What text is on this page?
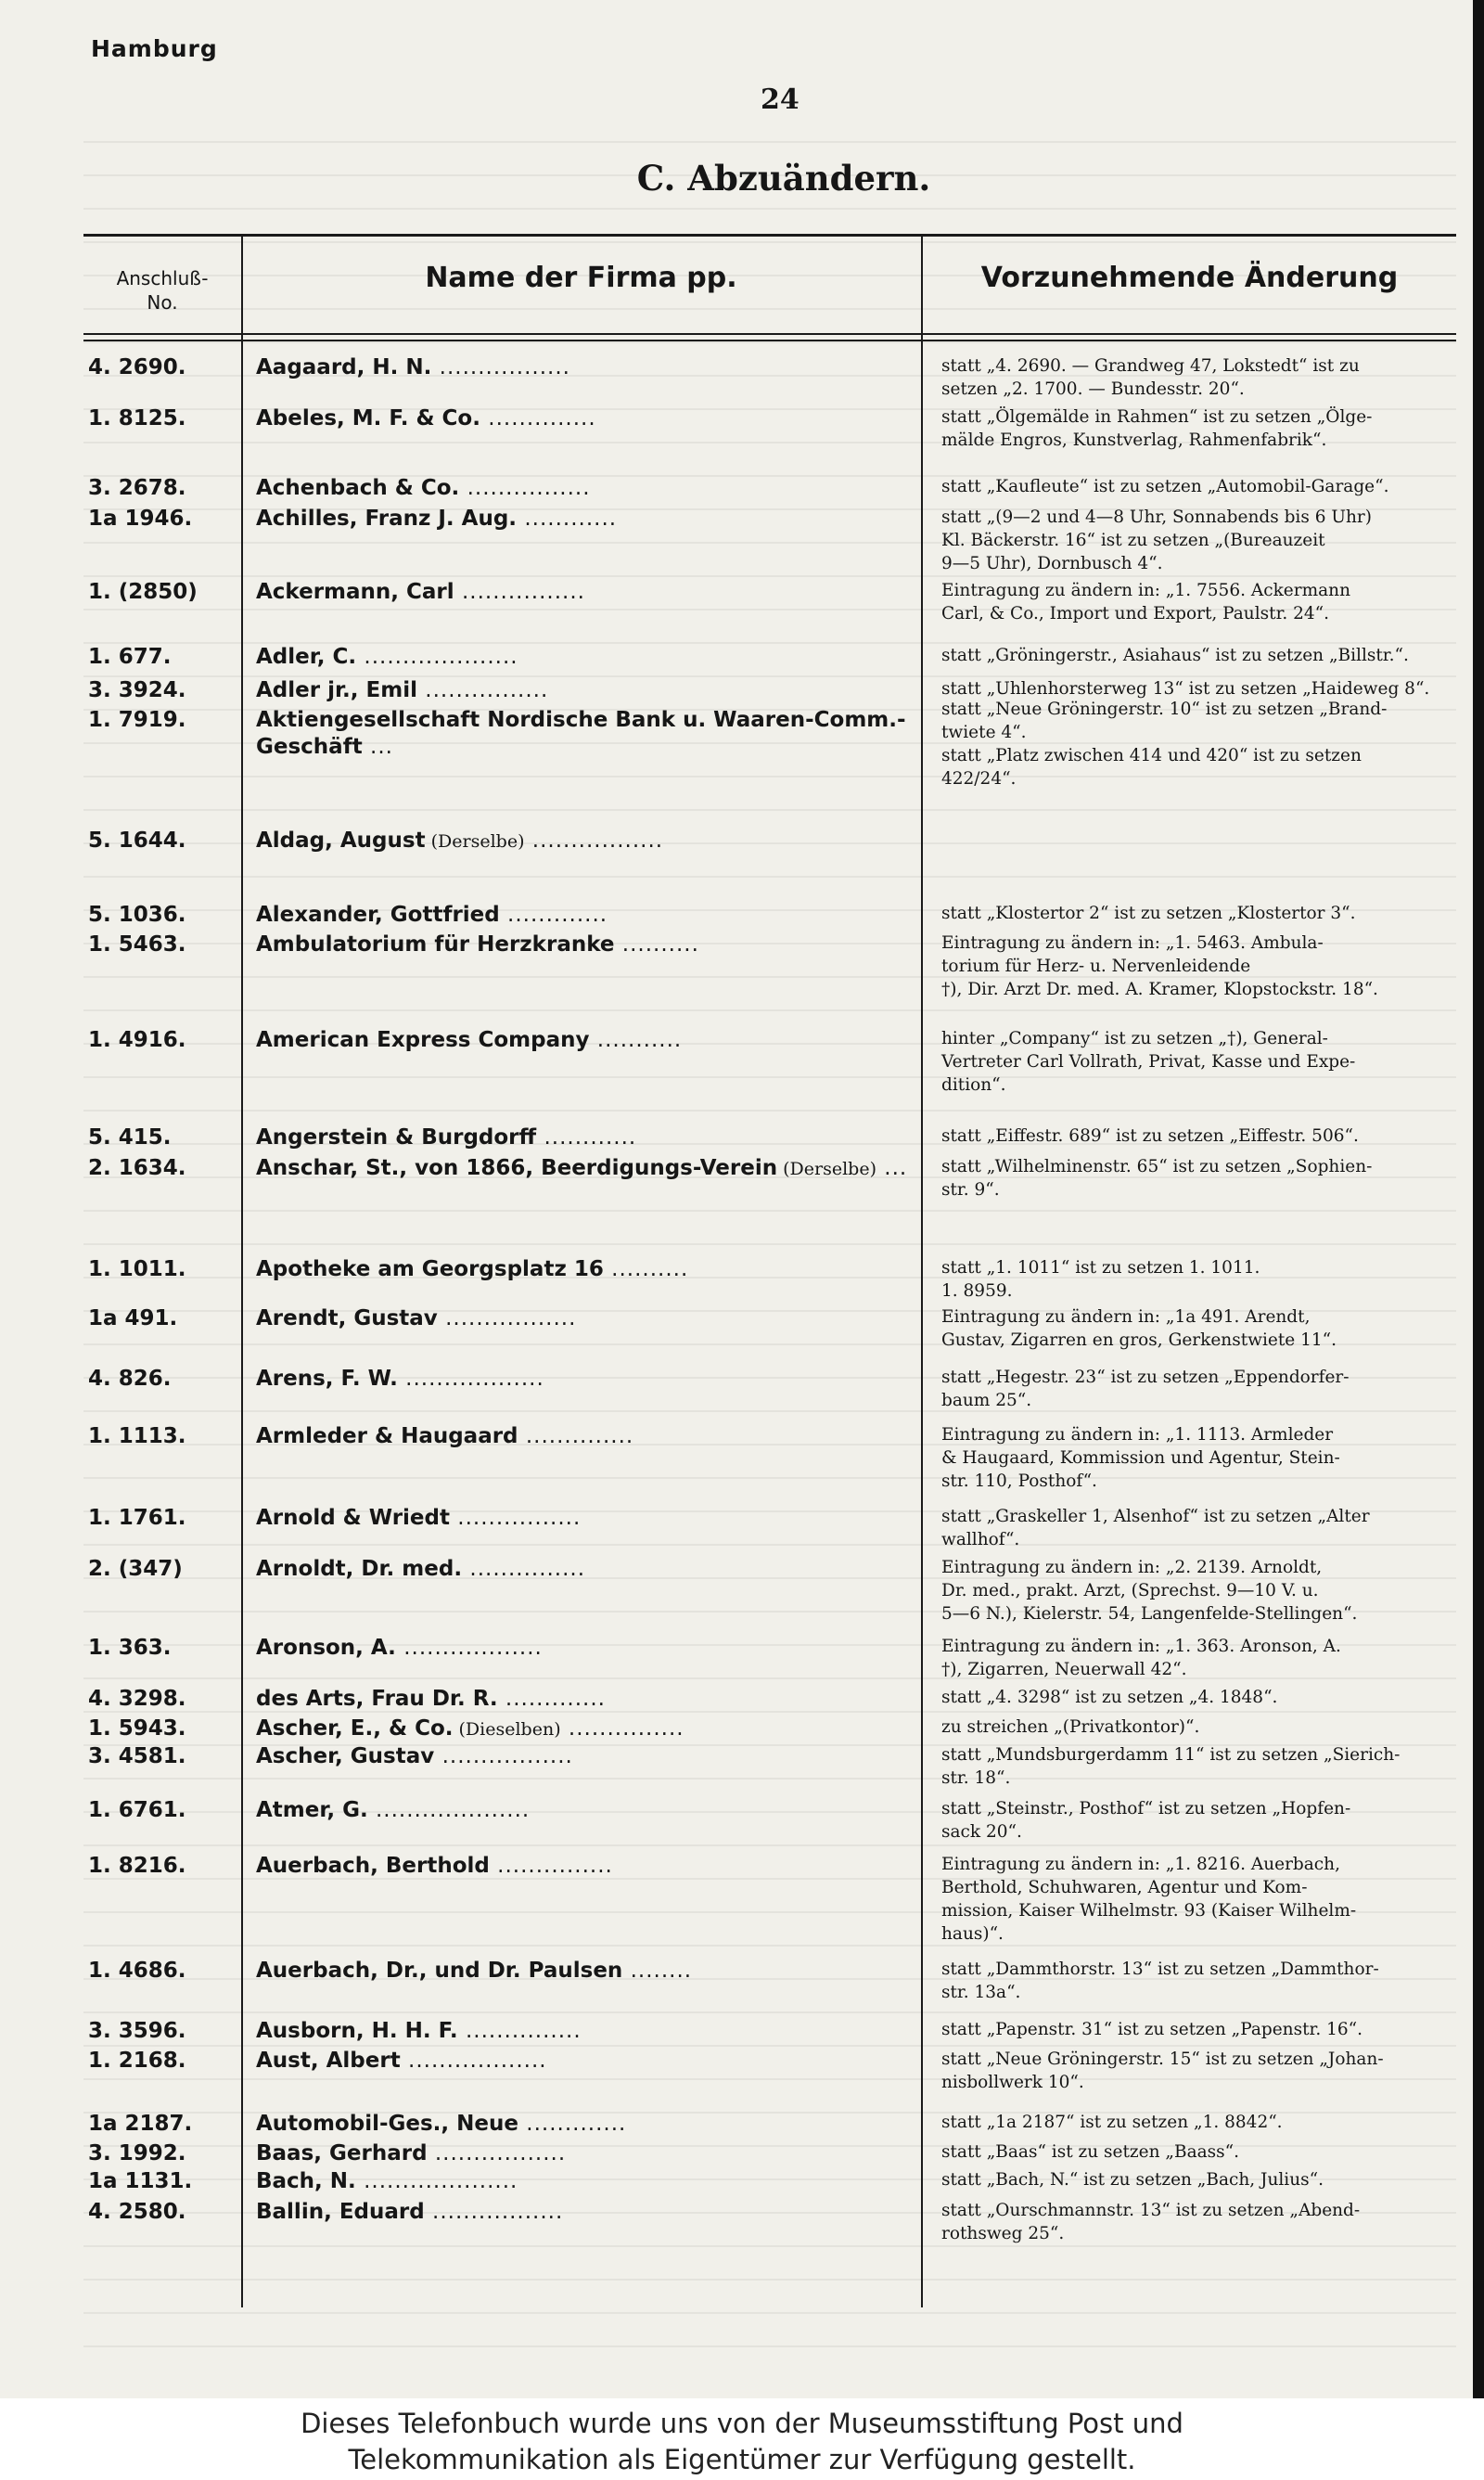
Hamburg
24
C. Abzuändern.
Anschluß-
No.
Name der Firma pp.	Vorzunehmende Änderung
4. 2690.	Aagaard, H. N. .................	statt „4. 2690. — Grandweg 47, Lokstedt“ ist zu
setzen „2. 1700. — Bundesstr. 20“.
1. 8125.	Abeles, M. F. & Co. ..............	statt „Ölgemälde in Rahmen“ ist zu setzen „Ölge-
mälde Engros, Kunstverlag, Rahmenfabrik“.
3. 2678.	Achenbach & Co. ................	statt „Kaufleute“ ist zu setzen „Automobil-Garage“.
1a 1946.	Achilles, Franz J. Aug. ............	statt „(9—2 und 4—8 Uhr, Sonnabends bis 6 Uhr)
Kl. Bäckerstr. 16“ ist zu setzen „(Bureauzeit
9—5 Uhr), Dornbusch 4“.
1. (2850)	Ackermann, Carl ................	Eintragung zu ändern in: „1. 7556. Ackermann
Carl, & Co., Import und Export, Paulstr. 24“.
1. 677.	Adler, C. ....................	statt „Gröningerstr., Asiahaus“ ist zu setzen „Billstr.“.
3. 3924.	Adler jr., Emil ................	statt „Uhlenhorsterweg 13“ ist zu setzen „Haideweg 8“.
1. 7919.	Aktiengesellschaft Nordische Bank u. Waaren-Comm.-Geschäft ...
statt „Neue Gröningerstr. 10“ ist zu setzen „Brand-
twiete 4“.
statt „Platz zwischen 414 und 420“ ist zu setzen
422/24“.
5. 1644.	Aldag, August (Derselbe) .................
5. 1036.	Alexander, Gottfried .............	statt „Klostertor 2“ ist zu setzen „Klostertor 3“.
1. 5463.	Ambulatorium für Herzkranke ..........	Eintragung zu ändern in: „1. 5463. Ambula-
torium für Herz- u. Nervenleidende
†), Dir. Arzt Dr. med. A. Kramer, Klopstockstr. 18“.
1. 4916.	American Express Company ...........	hinter „Company“ ist zu setzen „†), General-
Vertreter Carl Vollrath, Privat, Kasse und Expe-
dition“.
5. 415.	Angerstein & Burgdorff ............	statt „Eiffestr. 689“ ist zu setzen „Eiffestr. 506“.
2. 1634.	Anschar, St., von 1866, Beerdigungs-Verein (Derselbe) ... statt „Wilhelminenstr. 65“ ist zu setzen „Sophien-
str. 9“.
1. 1011.	Apotheke am Georgsplatz 16 ..........	statt „1. 1011“ ist zu setzen 1. 1011.
1. 8959.
1a 491.	Arendt, Gustav .................	Eintragung zu ändern in: „1a 491. Arendt,
Gustav, Zigarren en gros, Gerkenstwiete 11“.
4. 826.	Arens, F. W. ..................	statt „Hegestr. 23“ ist zu setzen „Eppendorfer-
baum 25“.
1. 1113.	Armleder & Haugaard ..............	Eintragung zu ändern in: „1. 1113. Armleder
& Haugaard, Kommission und Agentur, Stein-
str. 110, Posthof“.
1. 1761.	Arnold & Wriedt ................	statt „Graskeller 1, Alsenhof“ ist zu setzen „Alter
wallhof“.
2. (347)	Arnoldt, Dr. med. ...............	Eintragung zu ändern in: „2. 2139. Arnoldt,
Dr. med., prakt. Arzt, (Sprechst. 9—10 V. u.
5—6 N.), Kielerstr. 54, Langenfelde-Stellingen“.
1. 363.	Aronson, A. ..................	Eintragung zu ändern in: „1. 363. Aronson, A.
†), Zigarren, Neuerwall 42“.
4. 3298.	des Arts, Frau Dr. R. .............	statt „4. 3298“ ist zu setzen „4. 1848“.
1. 5943.	Ascher, E., & Co. (Dieselben) ...............	zu streichen „(Privatkontor)“.
3. 4581.	Ascher, Gustav .................	statt „Mundsburgerdamm 11“ ist zu setzen „Sierich-
str. 18“.
1. 6761.	Atmer, G. ....................	statt „Steinstr., Posthof“ ist zu setzen „Hopfen-
sack 20“.
1. 8216.	Auerbach, Berthold ...............	Eintragung zu ändern in: „1. 8216. Auerbach,
Berthold, Schuhwaren, Agentur und Kom-
mission, Kaiser Wilhelmstr. 93 (Kaiser Wilhelm-
haus)“.
1. 4686.	Auerbach, Dr., und Dr. Paulsen ........	statt „Dammthorstr. 13“ ist zu setzen „Dammthor-
str. 13a“.
3. 3596.	Ausborn, H. H. F. ...............	statt „Papenstr. 31“ ist zu setzen „Papenstr. 16“.
1. 2168.	Aust, Albert ..................	statt „Neue Gröningerstr. 15“ ist zu setzen „Johan-
nisbollwerk 10“.
1a 2187.	Automobil-Ges., Neue .............	statt „1a 2187“ ist zu setzen „1. 8842“.
3. 1992.	Baas, Gerhard .................	statt „Baas“ ist zu setzen „Baass“.
1a 1131.	Bach, N. ....................	statt „Bach, N.“ ist zu setzen „Bach, Julius“.
4. 2580.	Ballin, Eduard .................	statt „Ourschmannstr. 13“ ist zu setzen „Abend-
rothsweg 25“.
Dieses Telefonbuch wurde uns von der Museumsstiftung Post und
Telekommunikation als Eigentümer zur Verfügung gestellt.
